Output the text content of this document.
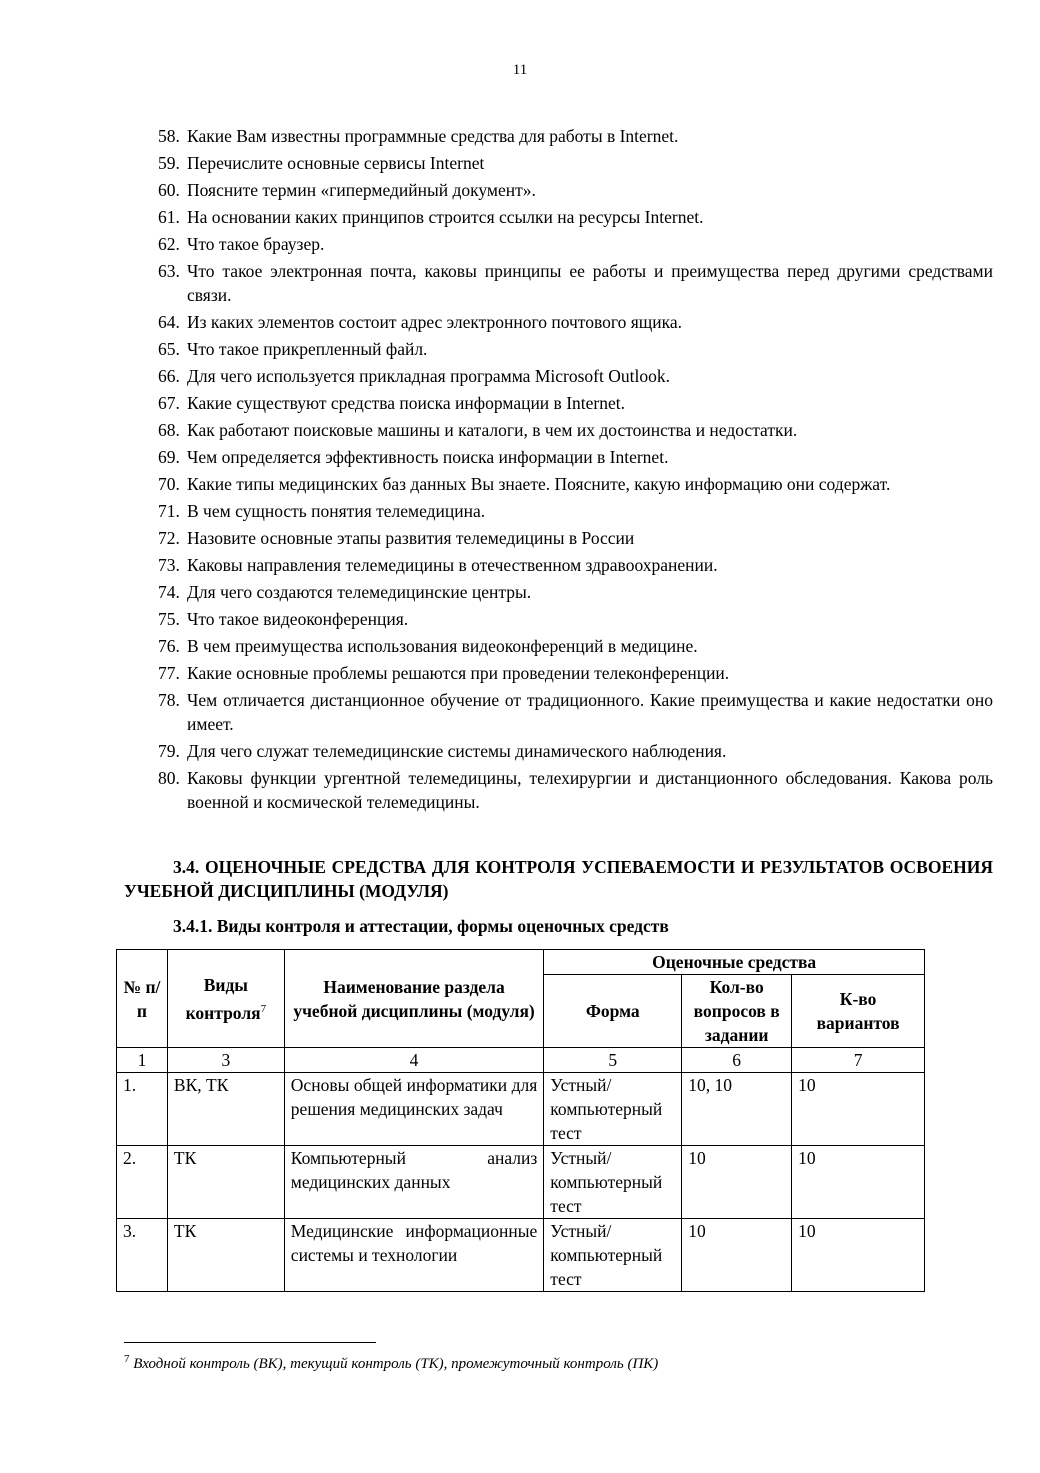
11
58. Какие Вам известны программные средства для работы в Internet.
59. Перечислите основные сервисы Internet
60. Поясните термин «гипермедийный документ».
61. На основании каких принципов строится ссылки на ресурсы Internet.
62. Что такое браузер.
63. Что такое электронная почта, каковы принципы ее работы и преимущества перед другими средствами связи.
64. Из каких элементов состоит адрес электронного почтового ящика.
65. Что такое прикрепленный файл.
66. Для чего используется прикладная программа Microsoft Outlook.
67. Какие существуют средства поиска информации в Internet.
68. Как работают поисковые машины и каталоги, в чем их достоинства и недостатки.
69. Чем определяется эффективность поиска информации в Internet.
70. Какие типы медицинских баз данных Вы знаете. Поясните, какую информацию они содержат.
71. В чем сущность понятия телемедицина.
72. Назовите основные этапы развития телемедицины в России
73. Каковы направления телемедицины в отечественном здравоохранении.
74. Для чего создаются телемедицинские центры.
75. Что такое видеоконференция.
76. В чем преимущества использования видеоконференций в медицине.
77. Какие основные проблемы решаются при проведении телеконференции.
78. Чем отличается дистанционное обучение от традиционного. Какие преимущества и какие недостатки оно имеет.
79. Для чего служат телемедицинские системы динамического наблюдения.
80. Каковы функции ургентной телемедицины, телехирургии и дистанционного обследования. Какова роль военной и космической телемедицины.
3.4. ОЦЕНОЧНЫЕ СРЕДСТВА ДЛЯ КОНТРОЛЯ УСПЕВАЕМОСТИ И РЕЗУЛЬТАТОВ ОСВОЕНИЯ УЧЕБНОЙ ДИСЦИПЛИНЫ (МОДУЛЯ)
3.4.1. Виды контроля и аттестации, формы оценочных средств
№ п/п	Виды контроля$^7$	Наименование раздела учебной дисциплины (модуля)	Оценочные средства		
			Форма	Кол-во вопросов в задании	К-во вариантов
1	3	4	5	6	7
1.	ВК, ТК	Основы общей информатики для решения медицинских задач	Устный/компьютерный тест	10, 10	10
2.	ТК	Компьютерный анализ медицинских данных	Устный/компьютерный тест	10	10
3.	ТК	Медицинские информационные системы и технологии	Устный/компьютерный тест	10	10
$^7$ Входной контроль (ВК), текущий контроль (ТК), промежуточный контроль (ПК)
